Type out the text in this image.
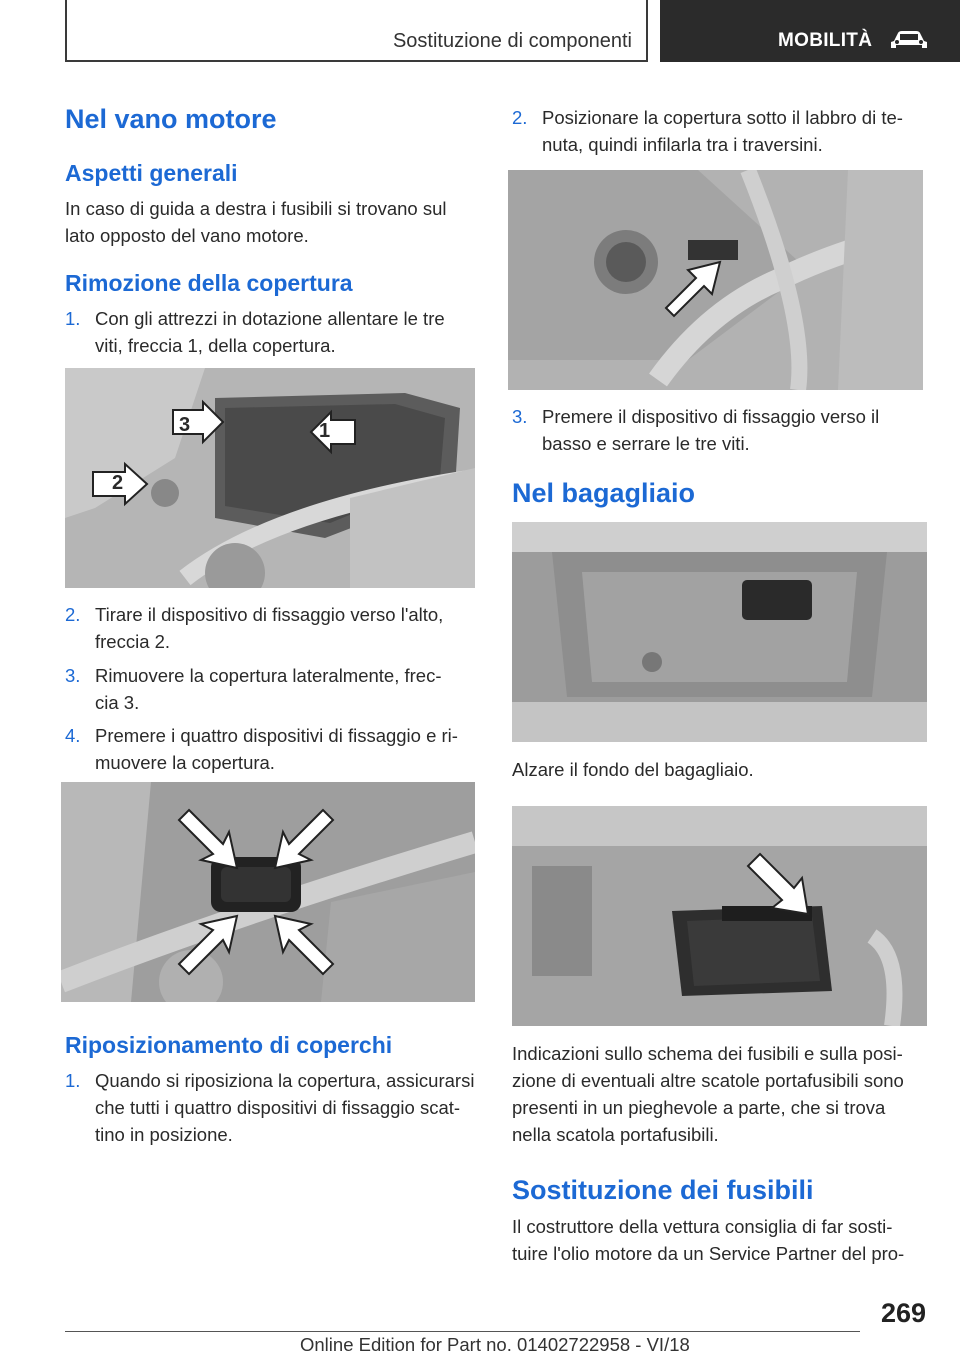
Sostituzione di componenti	MOBILITÀ
Nel vano motore
Aspetti generali

In caso di guida a destra i fusibili si trovano sul

lato opposto del vano motore.

Rimozione della copertura
1. Con gli attrezzi in dotazione allentare le tre
viti, freccia 1, della copertura.
3	1
2
2. Tirare il dispositivo di fissaggio verso l'alto,
freccia 2.
3. Rimuovere la copertura lateralmente, frec‐
cia 3.
4. Premere i quattro dispositivi di fissaggio e ri‐
muovere la copertura.
Riposizionamento di coperchi
1. Quando si riposiziona la copertura, assicurarsi
che tutti i quattro dispositivi di fissaggio scat‐
tino in posizione.
2. Posizionare la copertura sotto il labbro di te‐
nuta, quindi infilarla tra i traversini.
3. Premere il dispositivo di fissaggio verso il
basso e serrare le tre viti.
Nel bagagliaio

Alzare il fondo del bagagliaio.

Indicazioni sullo schema dei fusibili e sulla posi‐

zione di eventuali altre scatole portafusibili sono

presenti in un pieghevole a parte, che si trova

nella scatola portafusibili.

Sostituzione dei fusibili

Il costruttore della vettura consiglia di far sosti‐

tuire l'olio motore da un Service Partner del pro‐

269
Online Edition for Part no. 01402722958 - VI/18
